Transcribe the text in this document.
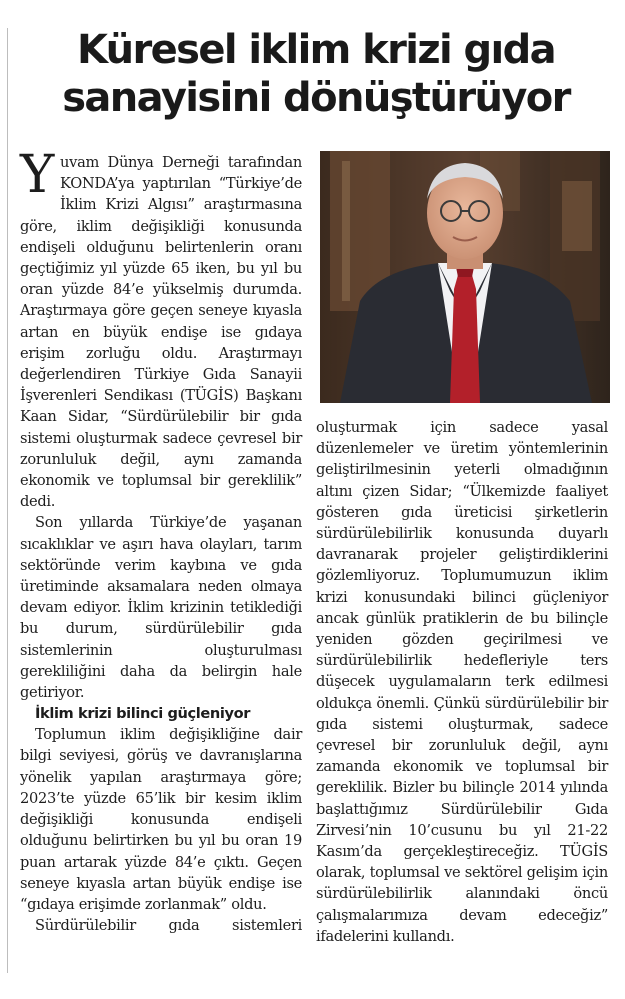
Küresel iklim krizi gıda sanayisini dönüştürüyor

Yuvam Dünya Derneği tarafından KONDA’ya yaptırılan “Türkiye’de İklim Krizi Algısı” araştırmasına göre, iklim değişikliği konusunda endişeli olduğunu belirtenlerin oranı geçtiğimiz yıl yüzde 65 iken, bu yıl bu oran yüzde 84’e yükselmiş durumda. Araştırmaya göre geçen seneye kıyasla artan en büyük endişe ise gıdaya erişim zorluğu oldu. Araştırmayı değerlendiren Türkiye Gıda Sanayii İşverenleri Sendikası (TÜGİS) Başkanı Kaan Sidar, “Sürdürülebilir bir gıda sistemi oluşturmak sadece çevresel bir zorunluluk değil, aynı zamanda ekonomik ve toplumsal bir gereklilik” dedi.

Son yıllarda Türkiye’de yaşanan sıcaklıklar ve aşırı hava olayları, tarım sektöründe verim kaybına ve gıda üretiminde aksamalara neden olmaya devam ediyor. İklim krizinin tetiklediği bu durum, sürdürülebilir gıda sistemlerinin oluşturulması gerekliliğini daha da belirgin hale getiriyor.

İklim krizi bilinci güçleniyor

Toplumun iklim değişikliğine dair bilgi seviyesi, görüş ve davranışlarına yönelik yapılan araştırmaya göre; 2023’te yüzde 65’lik bir kesim iklim değişikliği konusunda endişeli olduğunu belirtirken bu yıl bu oran 19 puan artarak yüzde 84’e çıktı. Geçen seneye kıyasla artan büyük endişe ise “gıdaya erişimde zorlanmak” oldu.

Sürdürülebilir gıda sistemleri

oluşturmak için sadece yasal düzenlemeler ve üretim yöntemlerinin geliştirilmesinin yeterli olmadığının altını çizen Sidar; “Ülkemizde faaliyet gösteren gıda üreticisi şirketlerin sürdürülebilirlik konusunda duyarlı davranarak projeler geliştirdiklerini gözlemliyoruz. Toplumumuzun iklim krizi konusundaki bilinci güçleniyor ancak günlük pratiklerin de bu bilinçle yeniden gözden geçirilmesi ve sürdürülebilirlik hedefleriyle ters düşecek uygulamaların terk edilmesi oldukça önemli. Çünkü sürdürülebilir bir gıda sistemi oluşturmak, sadece çevresel bir zorunluluk değil, aynı zamanda ekonomik ve toplumsal bir gereklilik. Bizler bu bilinçle 2014 yılında başlattığımız Sürdürülebilir Gıda Zirvesi’nin 10’cusunu bu yıl 21-22 Kasım’da gerçekleştireceğiz. TÜGİS olarak, toplumsal ve sektörel gelişim için sürdürülebilirlik alanındaki öncü çalışmalarımıza devam edeceğiz” ifadelerini kullandı.
